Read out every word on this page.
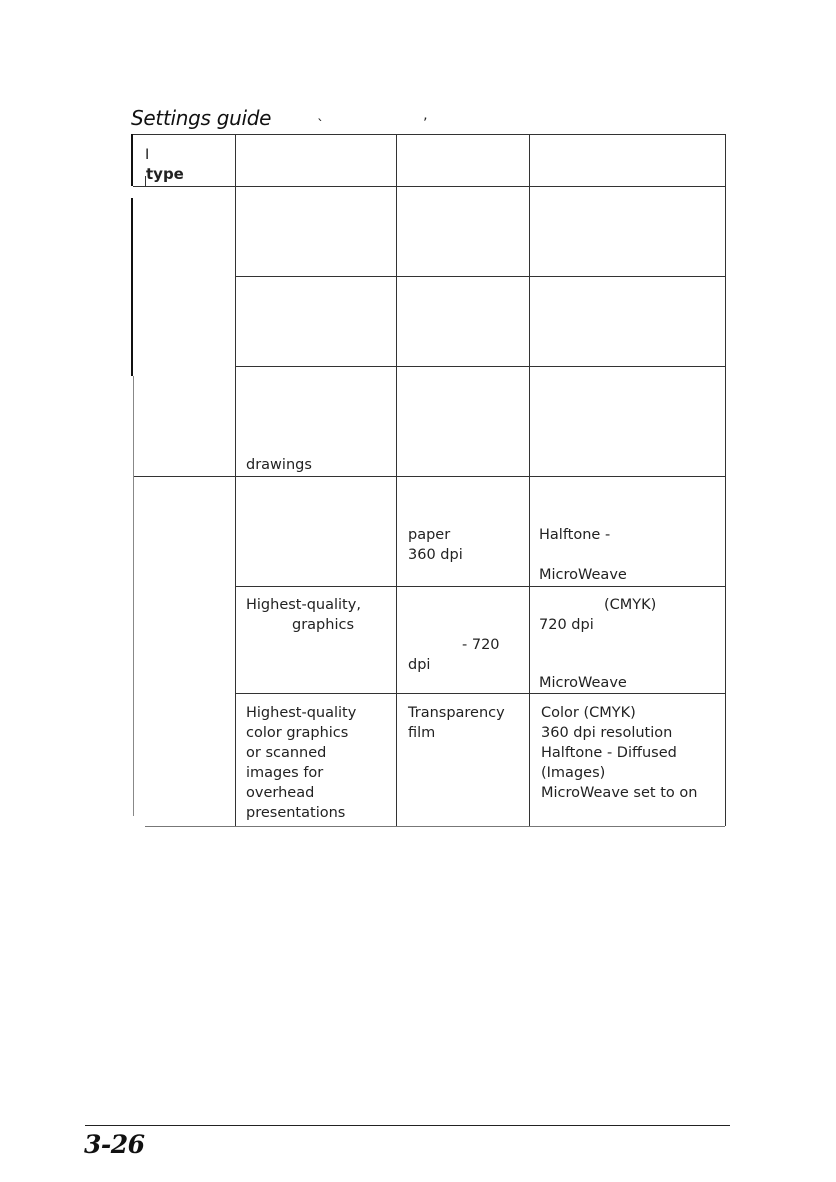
Settings guide	`	’
I
type
drawings
paper
360 dpi
Halftone -
MicroWeave
Highest-quality,
graphics
- 720
dpi
(CMYK)
720 dpi
MicroWeave
Highest-quality
color graphics
or scanned
images for
overhead
presentations
Transparency
film
Color (CMYK)
360 dpi resolution
Halftone - Diffused
(Images)
MicroWeave set to on
3-26
